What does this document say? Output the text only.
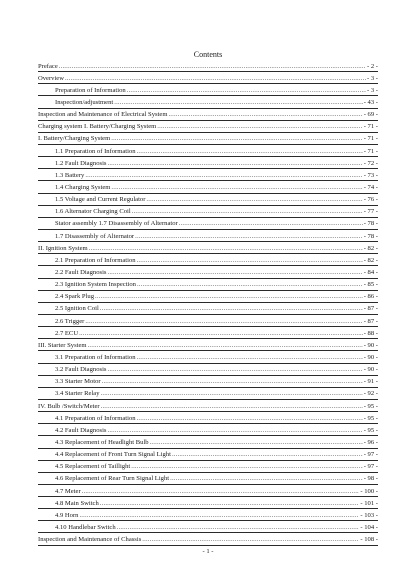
Contents
Preface .....	- 2 -
Overview .....	- 3 -
Preparation of Information .....	- 3 -
Inspection/adjustment .....	- 43 -
Inspection and Maintenance of Electrical System .....	- 69 -
Charging system I. Battery/Charging System .....	- 71 -
I. Battery/Charging System .....	- 71 -
1.1 Preparation of Information .....	- 71 -
1.2 Fault Diagnosis .....	- 72 -
1.3 Battery .....	- 73 -
1.4 Charging System .....	- 74 -
1.5 Voltage and Current Regulator .....	- 76 -
1.6 Alternator Charging Coil .....	- 77 -
Stator assembly 1.7 Disassembly of Alternator .....	- 78 -
1.7 Disassembly of Alternator .....	- 78 -
II. Ignition System .....	- 82 -
2.1 Preparation of Information .....	- 82 -
2.2 Fault Diagnosis .....	- 84 -
2.3 Ignition System Inspection .....	- 85 -
2.4 Spark Plug .....	- 86 -
2.5 Ignition Coil .....	- 87 -
2.6 Trigger .....	- 87 -
2.7 ECU .....	- 88 -
III. Starter System .....	- 90 -
3.1 Preparation of Information .....	- 90 -
3.2 Fault Diagnosis .....	- 90 -
3.3 Starter Motor .....	- 91 -
3.4 Starter Relay .....	- 92 -
IV. Bulb /Switch/Meter .....	- 95 -
4.1 Preparation of Information .....	- 95 -
4.2 Fault Diagnosis .....	- 95 -
4.3 Replacement of Headlight Bulb .....	- 96 -
4.4 Replacement of Front Turn Signal Light .....	- 97 -
4.5 Replacement of Taillight .....	- 97 -
4.6 Replacement of Rear Turn Signal Light .....	- 98 -
4.7 Meter .....	- 100 -
4.8 Main Switch .....	- 101 -
4.9 Horn .....	- 103 -
4.10 Handlebar Switch .....	- 104 -
Inspection and Maintenance of Chassis .....	- 108 -
- 1 -
